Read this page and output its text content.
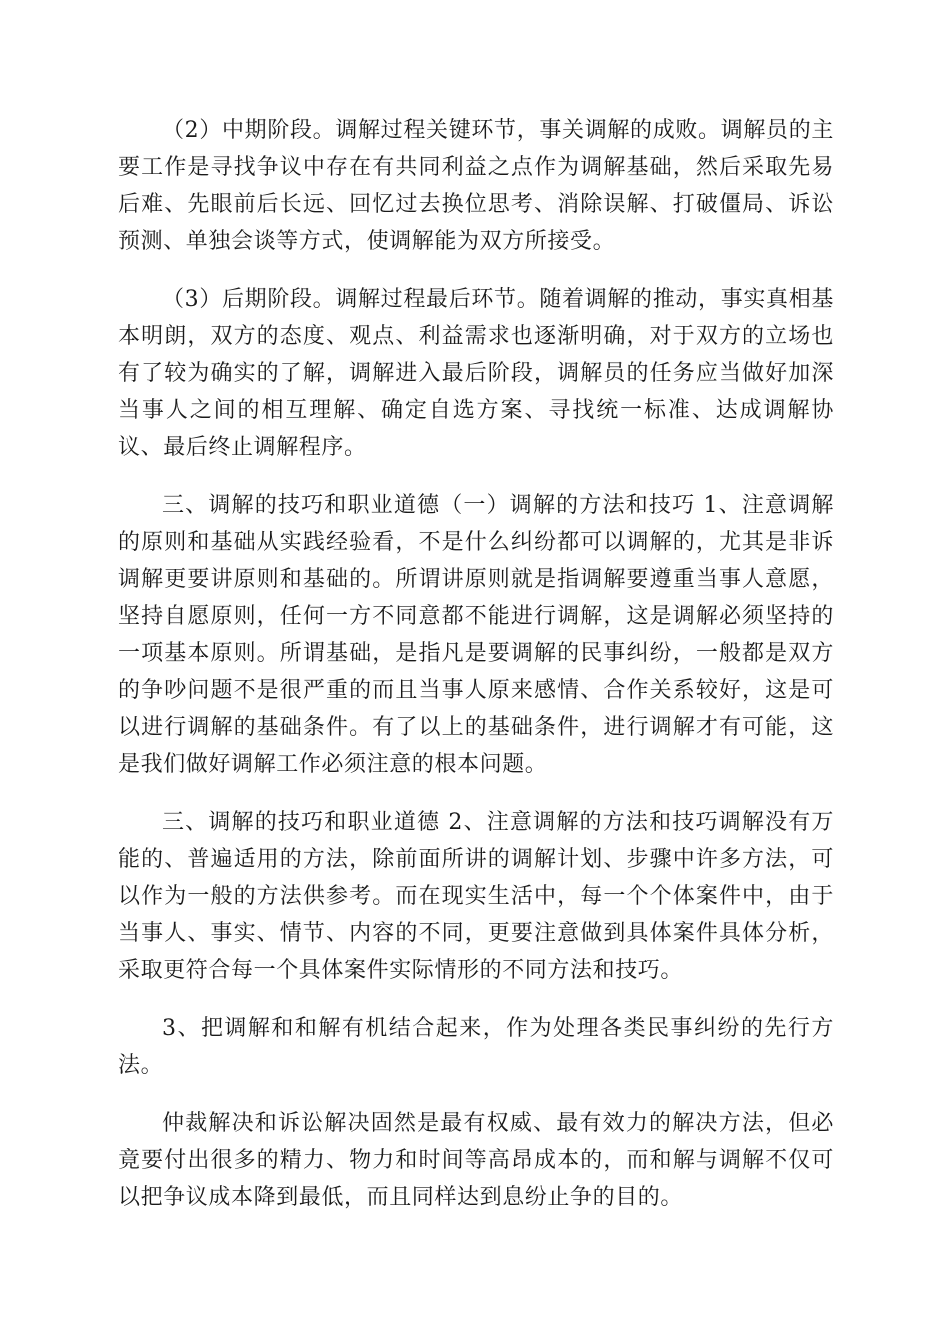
（2）中期阶段。调解过程关键环节，事关调解的成败。调解员的主要工作是寻找争议中存在有共同利益之点作为调解基础，然后采取先易后难、先眼前后长远、回忆过去换位思考、消除误解、打破僵局、诉讼预测、单独会谈等方式，使调解能为双方所接受。

（3）后期阶段。调解过程最后环节。随着调解的推动，事实真相基本明朗，双方的态度、观点、利益需求也逐渐明确，对于双方的立场也有了较为确实的了解，调解进入最后阶段，调解员的任务应当做好加深当事人之间的相互理解、确定自选方案、寻找统一标准、达成调解协议、最后终止调解程序。

三、调解的技巧和职业道德（一）调解的方法和技巧 1、注意调解的原则和基础从实践经验看，不是什么纠纷都可以调解的，尤其是非诉调解更要讲原则和基础的。所谓讲原则就是指调解要遵重当事人意愿，坚持自愿原则，任何一方不同意都不能进行调解，这是调解必须坚持的一项基本原则。所谓基础，是指凡是要调解的民事纠纷，一般都是双方的争吵问题不是很严重的而且当事人原来感情、合作关系较好，这是可以进行调解的基础条件。有了以上的基础条件，进行调解才有可能，这是我们做好调解工作必须注意的根本问题。

三、调解的技巧和职业道德 2、注意调解的方法和技巧调解没有万能的、普遍适用的方法，除前面所讲的调解计划、步骤中许多方法，可以作为一般的方法供参考。而在现实生活中，每一个个体案件中，由于当事人、事实、情节、内容的不同，更要注意做到具体案件具体分析，采取更符合每一个具体案件实际情形的不同方法和技巧。

3、把调解和和解有机结合起来，作为处理各类民事纠纷的先行方法。

仲裁解决和诉讼解决固然是最有权威、最有效力的解决方法，但必竟要付出很多的精力、物力和时间等高昂成本的，而和解与调解不仅可以把争议成本降到最低，而且同样达到息纷止争的目的。
